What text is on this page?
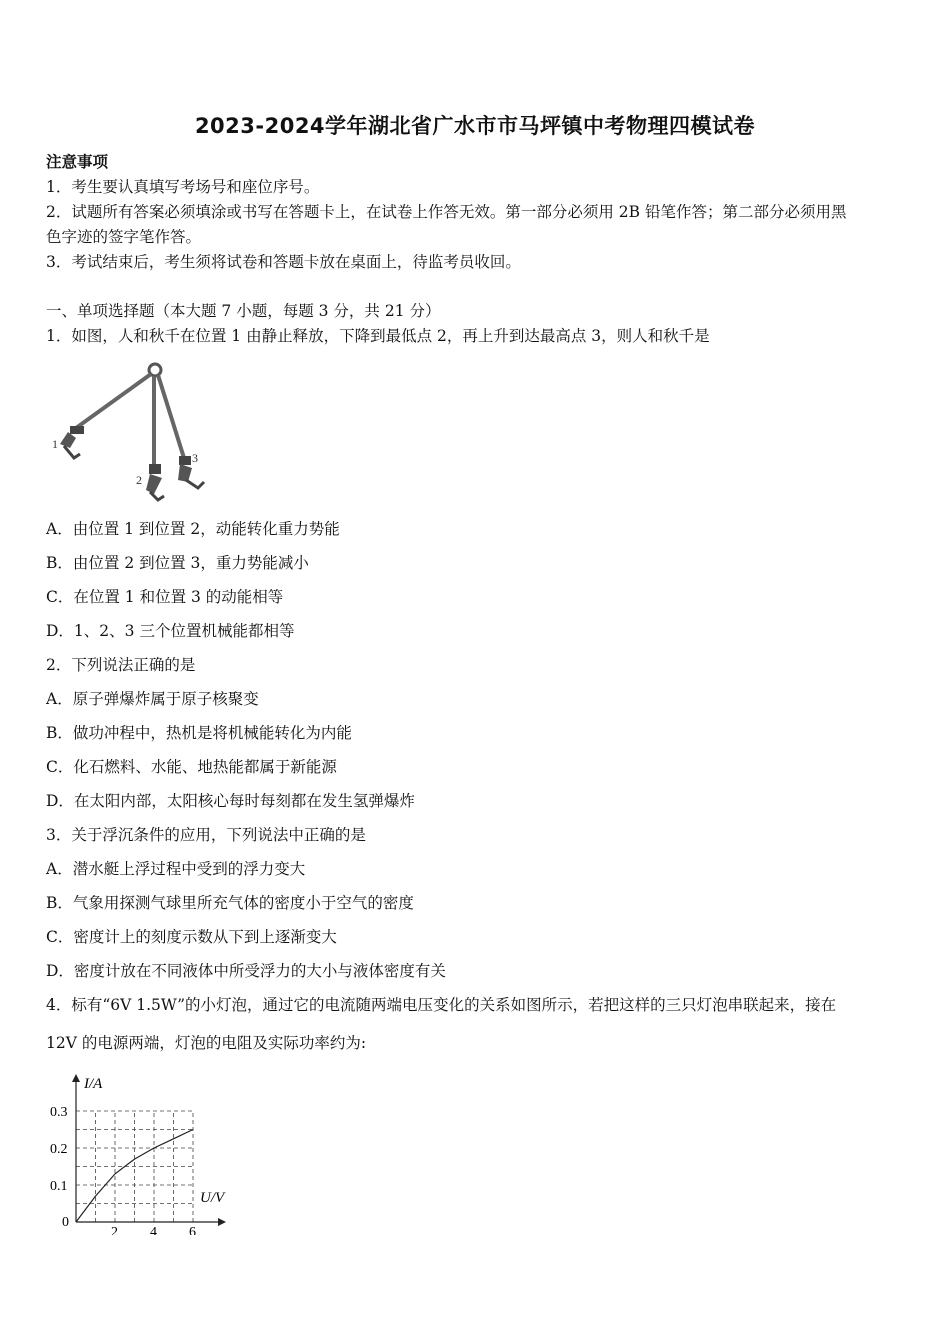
2023-2024学年湖北省广水市市马坪镇中考物理四模试卷
注意事项
1．考生要认真填写考场号和座位序号。
2．试题所有答案必须填涂或书写在答题卡上，在试卷上作答无效。第一部分必须用 2B 铅笔作答；第二部分必须用黑
色字迹的签字笔作答。
3．考试结束后，考生须将试卷和答题卡放在桌面上，待监考员收回。
一、单项选择题（本大题 7 小题，每题 3 分，共 21 分）
1．如图，人和秋千在位置 1 由静止释放，下降到最低点 2，再上升到达最高点 3，则人和秋千是
1
2
3
A．由位置 1 到位置 2，动能转化重力势能
B．由位置 2 到位置 3，重力势能减小
C．在位置 1 和位置 3 的动能相等
D．1、2、3 三个位置机械能都相等
2．下列说法正确的是
A．原子弹爆炸属于原子核聚变
B．做功冲程中，热机是将机械能转化为内能
C．化石燃料、水能、地热能都属于新能源
D．在太阳内部，太阳核心每时每刻都在发生氢弹爆炸
3．关于浮沉条件的应用，下列说法中正确的是
A．潜水艇上浮过程中受到的浮力变大
B．气象用探测气球里所充气体的密度小于空气的密度
C．密度计上的刻度示数从下到上逐渐变大
D．密度计放在不同液体中所受浮力的大小与液体密度有关
4．标有“6V 1.5W”的小灯泡，通过它的电流随两端电压变化的关系如图所示，若把这样的三只灯泡串联起来，接在
12V 的电源两端，灯泡的电阻及实际功率约为:
2 4 6
0.1
0.2
0.3
I/A
U/V
0
